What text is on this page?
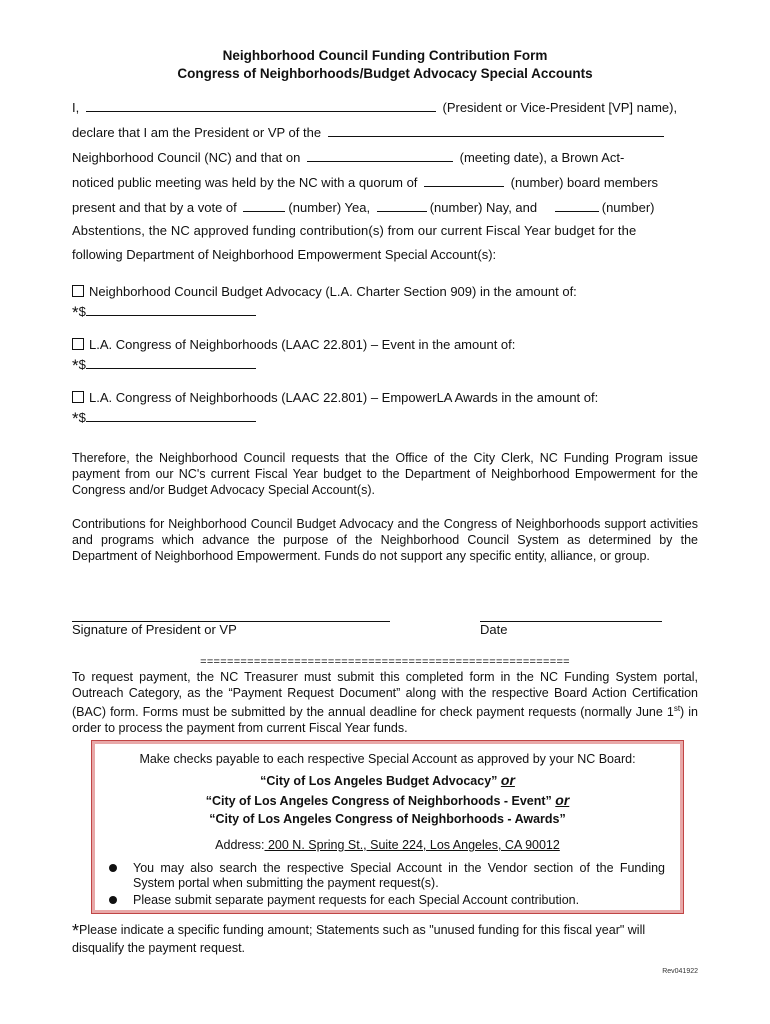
Neighborhood Council Funding Contribution Form
Congress of Neighborhoods/Budget Advocacy Special Accounts
I,	(President or Vice-President [VP] name),
declare that I am the President or VP of the
Neighborhood Council (NC) and that on	(meeting date), a Brown Act-
noticed public meeting was held by the NC with a quorum of	(number) board members
present and that by a vote of	(number) Yea,	(number) Nay, and	(number)
Abstentions, the NC approved funding contribution(s) from our current Fiscal Year budget for the
following Department of Neighborhood Empowerment Special Account(s):
Neighborhood Council Budget Advocacy (L.A. Charter Section 909) in the amount of:
*$
L.A. Congress of Neighborhoods (LAAC 22.801) – Event in the amount of:
*$
L.A. Congress of Neighborhoods (LAAC 22.801) – EmpowerLA Awards in the amount of:
*$
Therefore, the Neighborhood Council requests that the Office of the City Clerk, NC Funding Program issue payment from our NC's current Fiscal Year budget to the Department of Neighborhood Empowerment for the Congress and/or Budget Advocacy Special Account(s).
Contributions for Neighborhood Council Budget Advocacy and the Congress of Neighborhoods support activities and programs which advance the purpose of the Neighborhood Council System as determined by the Department of Neighborhood Empowerment. Funds do not support any specific entity, alliance, or group.
Signature of President or VP	Date
=======================================================
To request payment, the NC Treasurer must submit this completed form in the NC Funding System portal, Outreach Category, as the “Payment Request Document” along with the respective Board Action Certification (BAC) form. Forms must be submitted by the annual deadline for check payment requests (normally June 1st) in order to process the payment from current Fiscal Year funds.
Make checks payable to each respective Special Account as approved by your NC Board:
“City of Los Angeles Budget Advocacy” or
“City of Los Angeles Congress of Neighborhoods - Event” or
“City of Los Angeles Congress of Neighborhoods - Awards”
Address: 200 N. Spring St., Suite 224, Los Angeles, CA 90012
You may also search the respective Special Account in the Vendor section of the Funding System portal when submitting the payment request(s).
Please submit separate payment requests for each Special Account contribution.
*Please indicate a specific funding amount; Statements such as "unused funding for this fiscal year" will disqualify the payment request.
Rev041922
